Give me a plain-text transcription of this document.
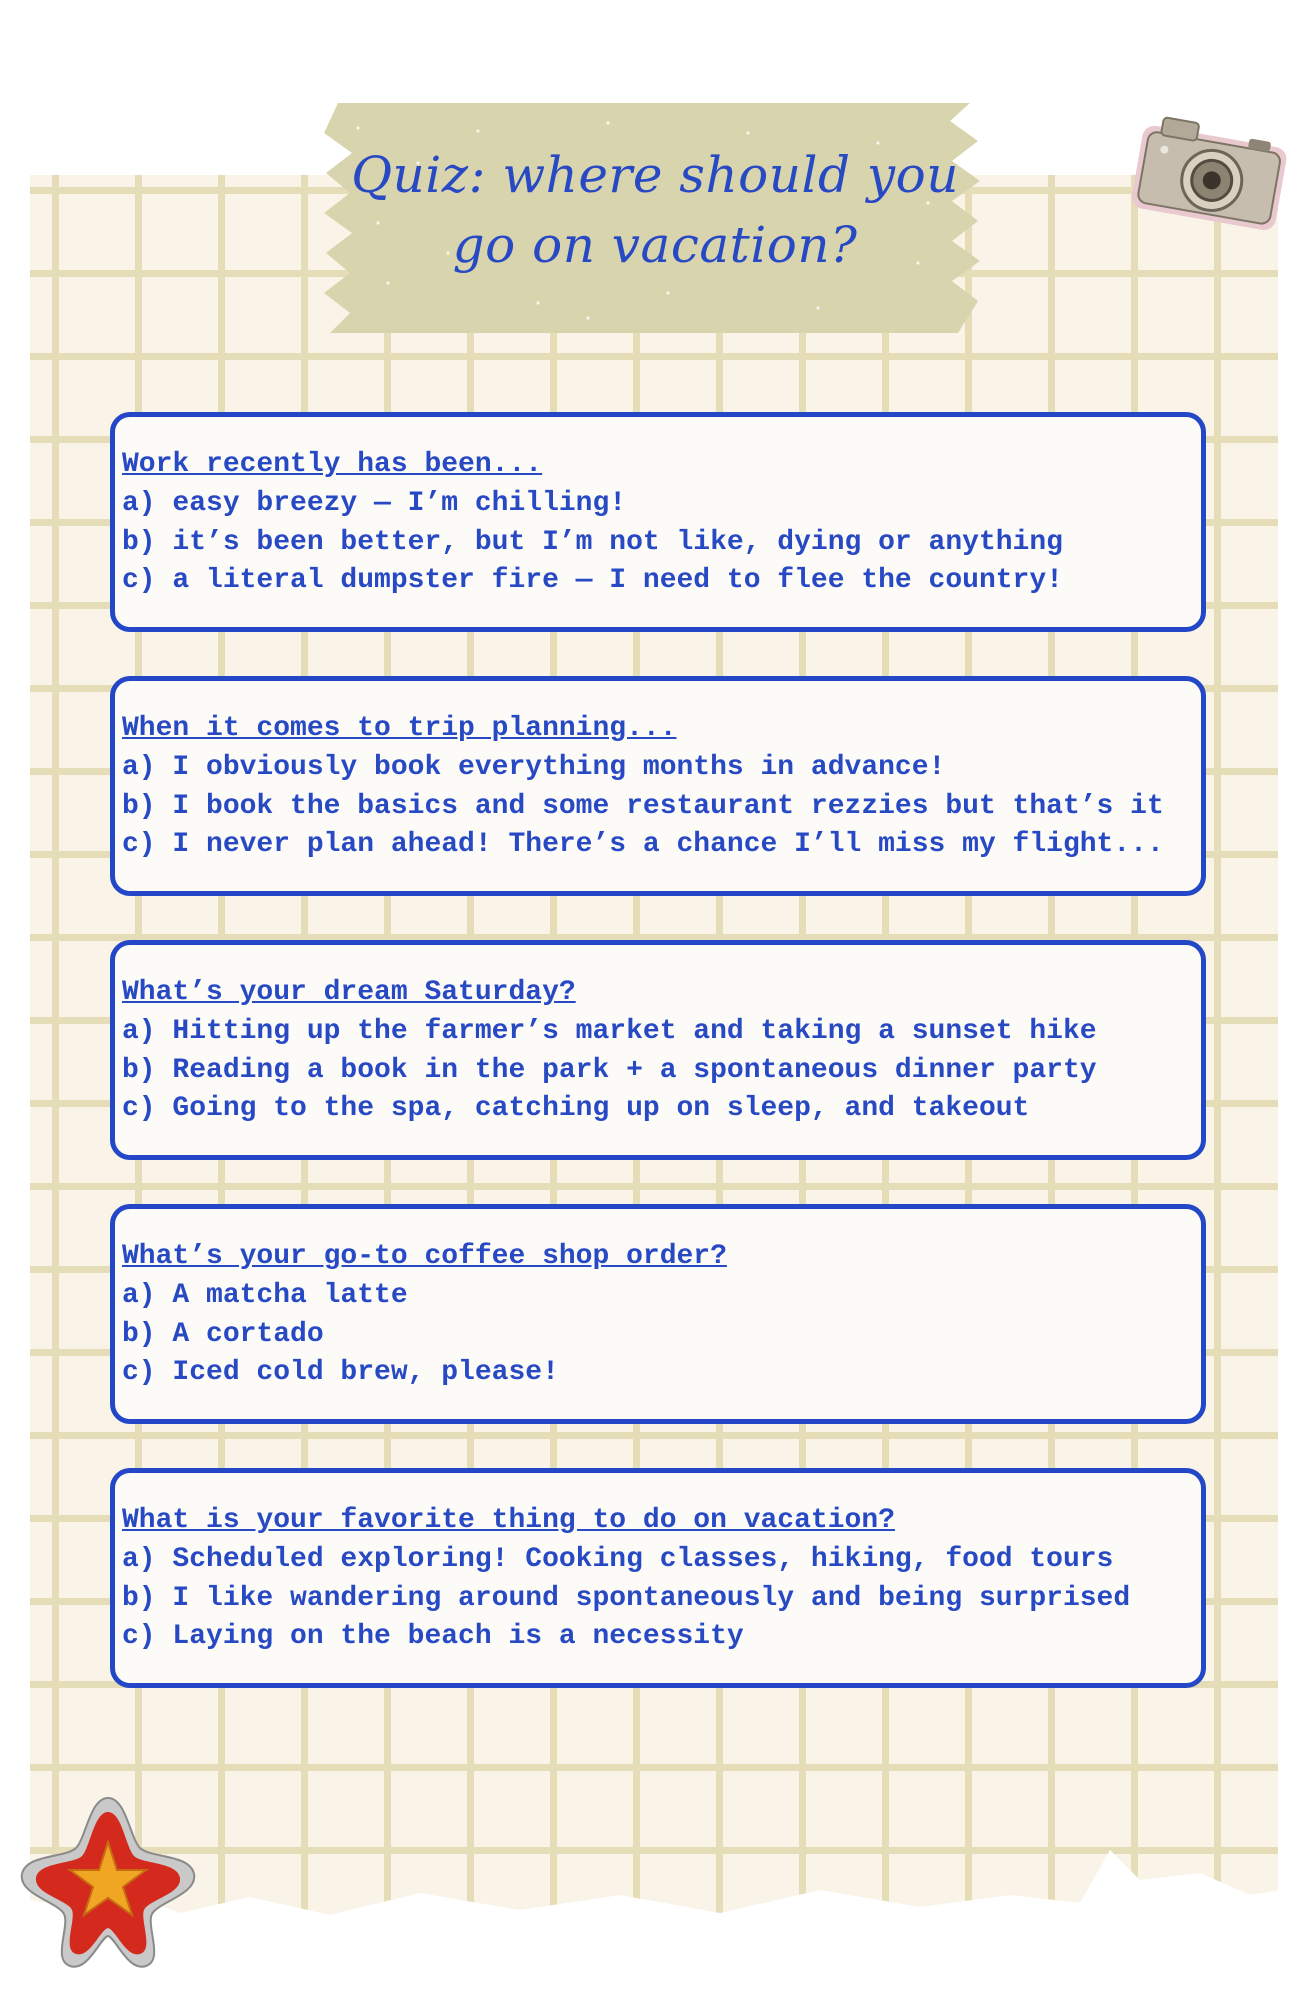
Quiz: where should you
go on vacation?
Work recently has been...
a) easy breezy — I’m chilling!
b) it’s been better, but I’m not like, dying or anything
c) a literal dumpster fire — I need to flee the country!
When it comes to trip planning...
a) I obviously book everything months in advance!
b) I book the basics and some restaurant rezzies but that’s it
c) I never plan ahead! There’s a chance I’ll miss my flight...
What’s your dream Saturday?
a) Hitting up the farmer’s market and taking a sunset hike
b) Reading a book in the park + a spontaneous dinner party
c) Going to the spa, catching up on sleep, and takeout
What’s your go-to coffee shop order?
a) A matcha latte
b) A cortado
c) Iced cold brew, please!
What is your favorite thing to do on vacation?
a) Scheduled exploring! Cooking classes, hiking, food tours
b) I like wandering around spontaneously and being surprised
c) Laying on the beach is a necessity
